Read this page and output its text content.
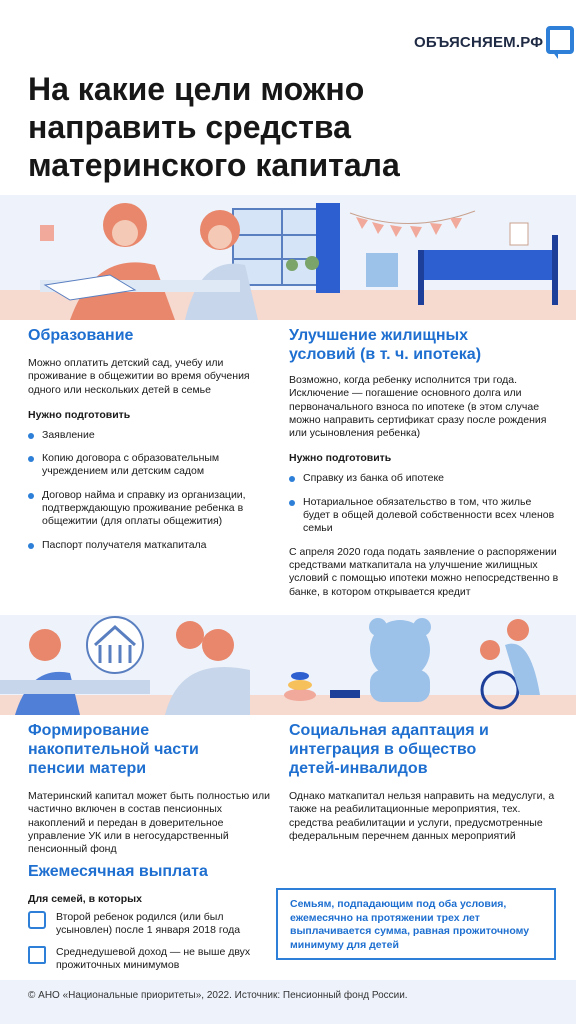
ОБЪЯСНЯЕМ.РФ
На какие цели можно направить средства материнского капитала
Образование

Можно оплатить детский сад, учебу или проживание в общежитии во время обучения одного или нескольких детей в семье

Нужно подготовить
Заявление
Копию договора с образовательным учреждением или детским садом
Договор найма и справку из организации, подтверждающую проживание ребенка в общежитии (для оплаты общежития)
Паспорт получателя маткапитала
Улучшение жилищных условий (в т. ч. ипотека)

Возможно, когда ребенку исполнится три года. Исключение — погашение основного долга или первоначального взноса по ипотеке (в этом случае можно направить сертификат сразу после рождения или усыновления ребенка)

Нужно подготовить
Справку из банка об ипотеке
Нотариальное обязательство в том, что жилье будет в общей долевой собственности всех членов семьи

С апреля 2020 года подать заявление о распоряжении средствами маткапитала на улучшение жилищных условий с помощью ипотеки можно непосредственно в банке, в котором открывается кредит

Формирование накопительной части пенсии матери

Материнский капитал может быть полностью или частично включен в состав пенсионных накоплений и передан в доверительное управление УК или в негосударственный пенсионный фонд

Социальная адаптация и интеграция в общество детей-инвалидов

Однако маткапитал нельзя направить на медуслуги, а также на реабилитационные мероприятия, тех. средства реабилитации и услуги, предусмотренные федеральным перечнем данных мероприятий

Ежемесячная выплата
Для семей, в которых
Второй ребенок родился (или был усыновлен) после 1 января 2018 года
Среднедушевой доход — не выше двух прожиточных минимумов
Семьям, подпадающим под оба условия, ежемесячно на протяжении трех лет выплачивается сумма, равная прожиточному минимуму для детей
© АНО «Национальные приоритеты», 2022. Источник: Пенсионный фонд России.
